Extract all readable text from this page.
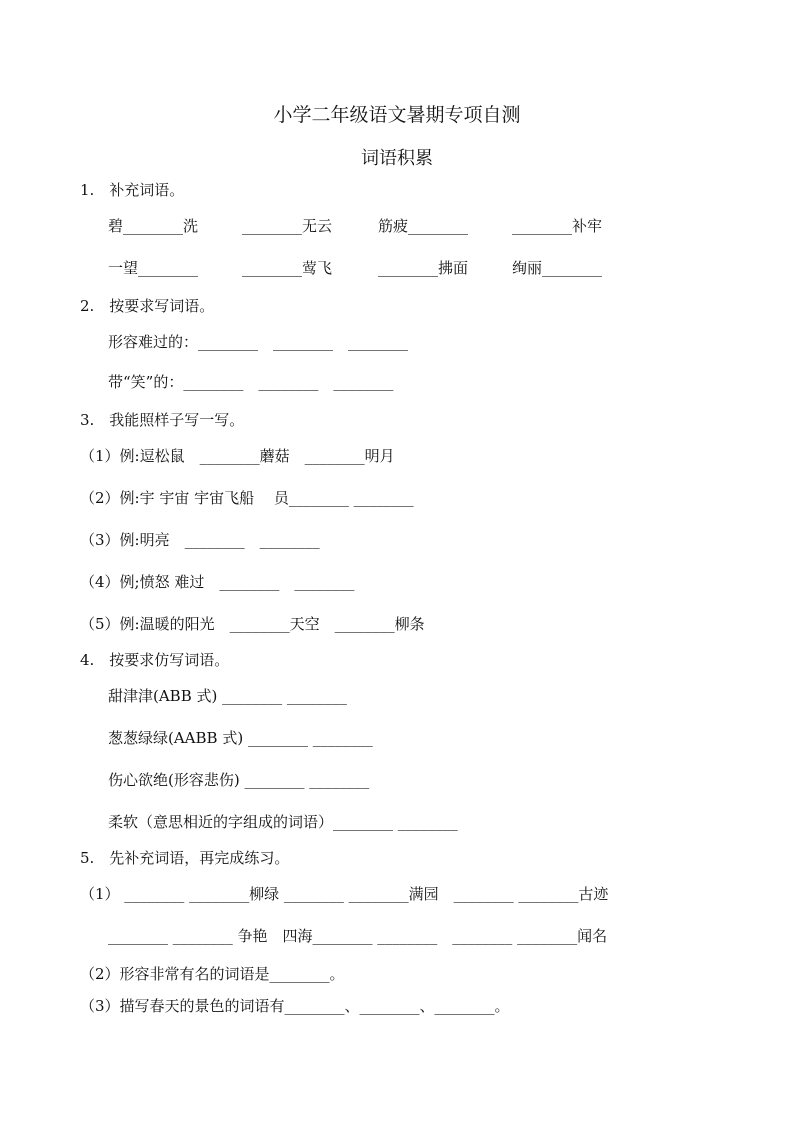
小学二年级语文暑期专项自测
词语积累
1.　补充词语。
碧________洗	________无云	筋疲________	________补牢
一望________	________莺飞	________拂面	绚丽________
2.　按要求写词语。
形容难过的：________　________　________
带“笑”的：________　________　________
3.　我能照样子写一写。
（1）例:逗松鼠　________蘑菇　________明月
（2）例:宇 宇宙 宇宙飞船　 员________ ________
（3）例:明亮　________　________
（4）例;愤怒 难过　________　________
（5）例:温暖的阳光　________天空　________柳条
4.　按要求仿写词语。
甜津津(ABB 式) ________ ________
葱葱绿绿(AABB 式) ________ ________
伤心欲绝(形容悲伤) ________ ________
柔软（意思相近的字组成的词语）________ ________
5.　先补充词语，再完成练习。
（1） ________ ________柳绿 ________ ________满园　________ ________古迹
________ ________ 争艳　四海________ ________　________ ________闻名
（2）形容非常有名的词语是________。
（3）描写春天的景色的词语有________、________、________。
